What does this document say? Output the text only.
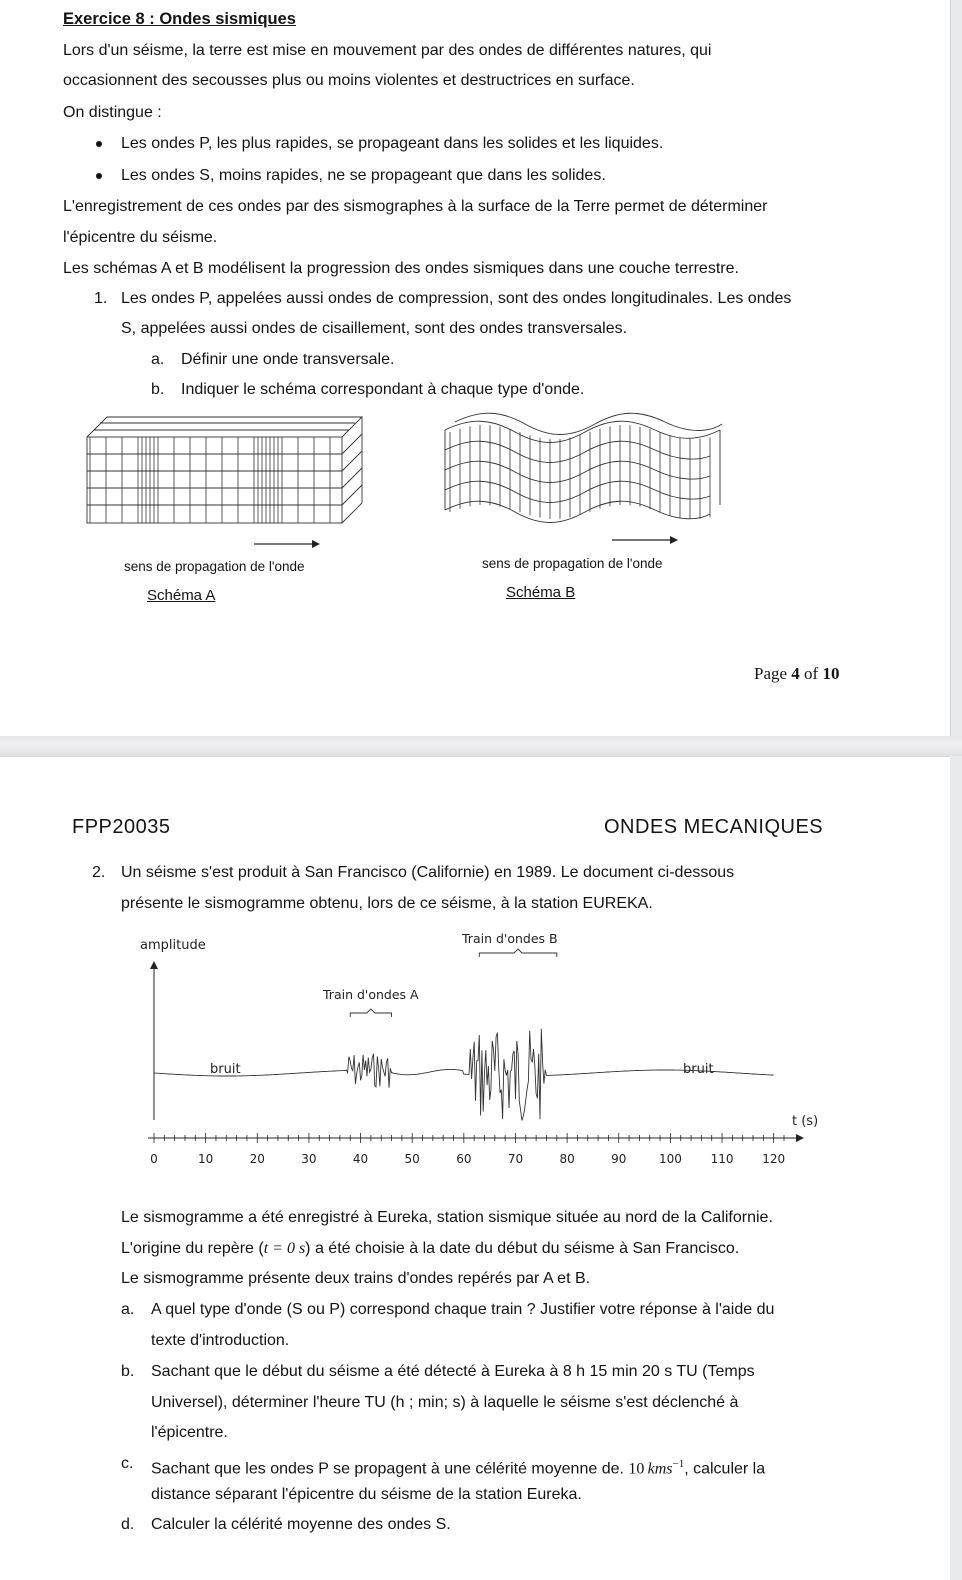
Exercice 8 : Ondes sismiques
Lors d'un séisme, la terre est mise en mouvement par des ondes de différentes natures, qui
occasionnent des secousses plus ou moins violentes et destructrices en surface.
On distingue :
Les ondes P, les plus rapides, se propageant dans les solides et les liquides.
Les ondes S, moins rapides, ne se propageant que dans les solides.
L'enregistrement de ces ondes par des sismographes à la surface de la Terre permet de déterminer
l'épicentre du séisme.
Les schémas A et B modélisent la progression des ondes sismiques dans une couche terrestre.
1. Les ondes P, appelées aussi ondes de compression, sont des ondes longitudinales. Les ondes
S, appelées aussi ondes de cisaillement, sont des ondes transversales.
a. Définir une onde transversale.
b. Indiquer le schéma correspondant à chaque type d'onde.
sens de propagation de l'onde
Schéma A
sens de propagation de l'onde
Schéma B
Page 4 of 10
FPP20035	ONDES MECANIQUES
2. Un séisme s'est produit à San Francisco (Californie) en 1989. Le document ci-dessous
présente le sismogramme obtenu, lors de ce séisme, à la station EUREKA.
amplitude	Train d'ondes B
Train d'ondes A
bruit	bruit
t (s)
0	10	20	30	40	50	60	70	80	90	100 110 120
Le sismogramme a été enregistré à Eureka, station sismique située au nord de la Californie.
L'origine du repère (t = 0 s) a été choisie à la date du début du séisme à San Francisco.
Le sismogramme présente deux trains d'ondes repérés par A et B.
a. A quel type d'onde (S ou P) correspond chaque train ? Justifier votre réponse à l'aide du
texte d'introduction.
b. Sachant que le début du séisme a été détecté à Eureka à 8 h 15 min 20 s TU (Temps
Universel), déterminer l'heure TU (h ; min; s) à laquelle le séisme s'est déclenché à
l'épicentre.
c. Sachant que les ondes P se propagent à une célérité moyenne de. 10  kms$^{-1}$, calculer la
distance séparant l'épicentre du séisme de la station Eureka.
d. Calculer la célérité moyenne des ondes S.
